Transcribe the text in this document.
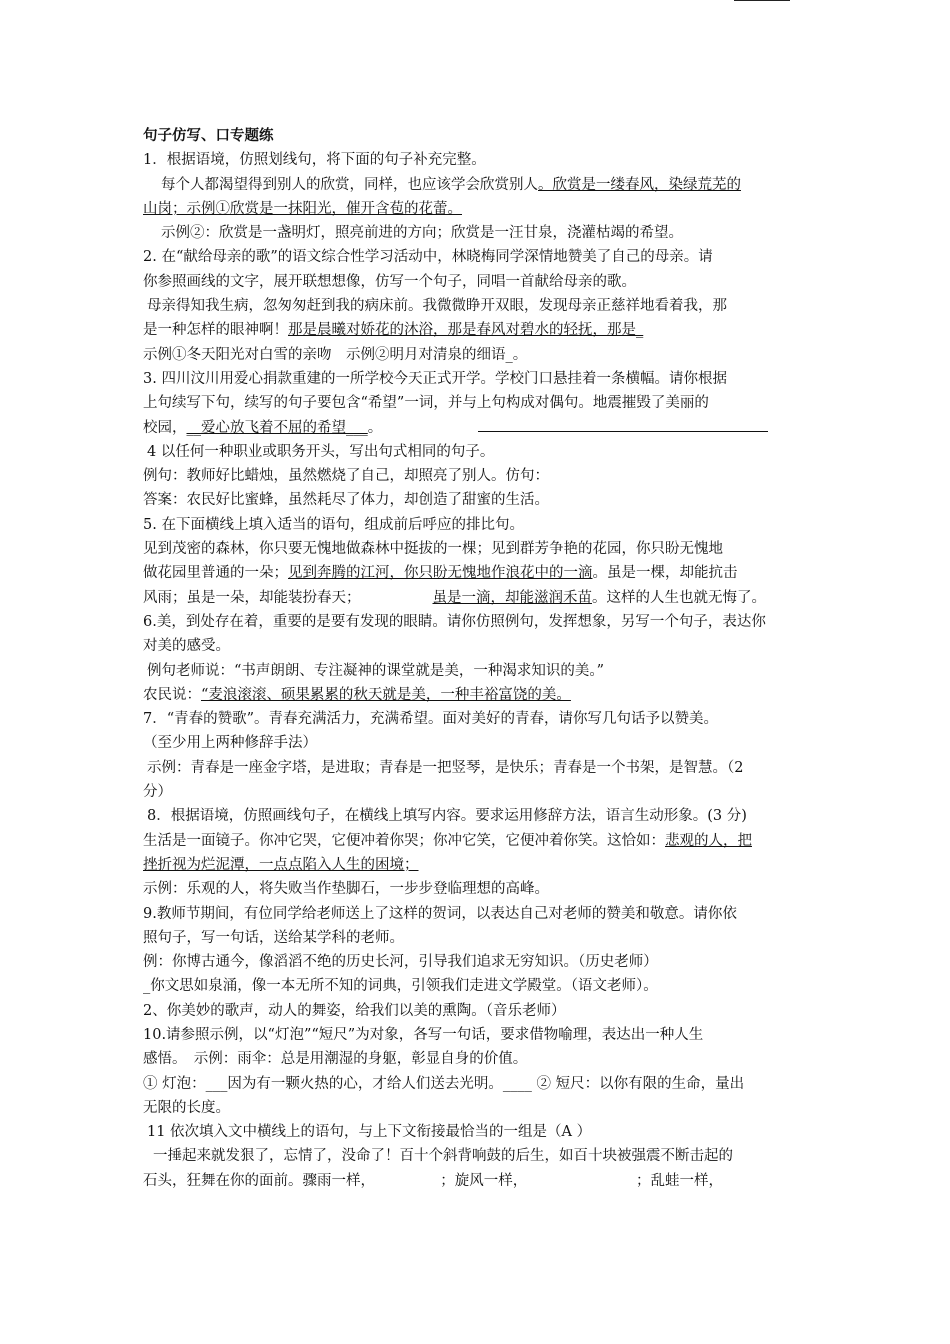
句子仿写、口专题练
1．根据语境，仿照划线句，将下面的句子补充完整。
每个人都渴望得到别人的欣赏，同样，也应该学会欣赏别人。欣赏是一缕春风，染绿荒芜的
山岗；示例①欣赏是一抹阳光，催开含苞的花蕾。
示例②：欣赏是一盏明灯，照亮前进的方向；欣赏是一汪甘泉，浇灌枯竭的希望。
2. 在“献给母亲的歌”的语文综合性学习活动中，林晓梅同学深情地赞美了自己的母亲。请
你参照画线的文字，展开联想想像，仿写一个句子，同唱一首献给母亲的歌。
母亲得知我生病，忽匆匆赶到我的病床前。我微微睁开双眼，发现母亲正慈祥地看着我，那
是一种怎样的眼神啊！那是晨曦对娇花的沐浴，那是春风对碧水的轻抚，那是_
示例①冬天阳光对白雪的亲吻　示例②明月对清泉的细语_。
3. 四川汶川用爱心捐款重建的一所学校今天正式开学。学校门口悬挂着一条横幅。请你根据
上句续写下句，续写的句子要包含“希望”一词，并与上句构成对偶句。地震摧毁了美丽的
校园，__爱心放飞着不屈的希望___。
4 以任何一种职业或职务开头，写出句式相同的句子。
例句：教师好比蜡烛，虽然燃烧了自己，却照亮了别人。仿句：
答案：农民好比蜜蜂，虽然耗尽了体力，却创造了甜蜜的生活。
5. 在下面横线上填入适当的语句，组成前后呼应的排比句。
见到茂密的森林，你只要无愧地做森林中挺拔的一棵；见到群芳争艳的花园，你只盼无愧地
做花园里普通的一朵；见到奔腾的江河，你只盼无愧地作浪花中的一滴。虽是一棵，却能抗击
风雨；虽是一朵，却能装扮春天；	虽是一滴，却能滋润禾苗。这样的人生也就无悔了。
6.美，到处存在着，重要的是要有发现的眼睛。请你仿照例句，发挥想象，另写一个句子，表达你
对美的感受。
例句老师说：“书声朗朗、专注凝神的课堂就是美，一种渴求知识的美。”
农民说：“麦浪滚滚、硕果累累的秋天就是美，一种丰裕富饶的美。
7．“青春的赞歌”。青春充满活力，充满希望。面对美好的青春，请你写几句话予以赞美。
（至少用上两种修辞手法）
示例：青春是一座金字塔，是进取；青春是一把竖琴，是快乐；青春是一个书架，是智慧。（2
分）
8．根据语境，仿照画线句子，在横线上填写内容。要求运用修辞方法，语言生动形象。(3 分)
生活是一面镜子。你冲它哭，它便冲着你哭；你冲它笑，它便冲着你笑。这恰如：悲观的人，把
挫折视为烂泥潭，一点点陷入人生的困境；
示例：乐观的人，将失败当作垫脚石，一步步登临理想的高峰。
9.教师节期间，有位同学给老师送上了这样的贺词，以表达自己对老师的赞美和敬意。请你依
照句子，写一句话，送给某学科的老师。
例：你博古通今，像滔滔不绝的历史长河，引导我们追求无穷知识。（历史老师）
_你文思如泉涌，像一本无所不知的词典，引领我们走进文学殿堂。（语文老师）。
2、你美妙的歌声，动人的舞姿，给我们以美的熏陶。（音乐老师）
10.请参照示例，以“灯泡”“短尺”为对象，各写一句话，要求借物喻理，表达出一种人生
感悟。　示例：雨伞：总是用潮湿的身躯，彰显自身的价值。
① 灯泡：___因为有一颗火热的心，才给人们送去光明。____ ② 短尺：以你有限的生命，量出
无限的长度。
11 依次填入文中横线上的语句，与上下文衔接最恰当的一组是（A ）
一捶起来就发狠了，忘情了，没命了！百十个斜背响鼓的后生，如百十块被强震不断击起的
石头，狂舞在你的面前。骤雨一样，　　　　　；旋风一样，　　　　　　　　；乱蛙一样，
